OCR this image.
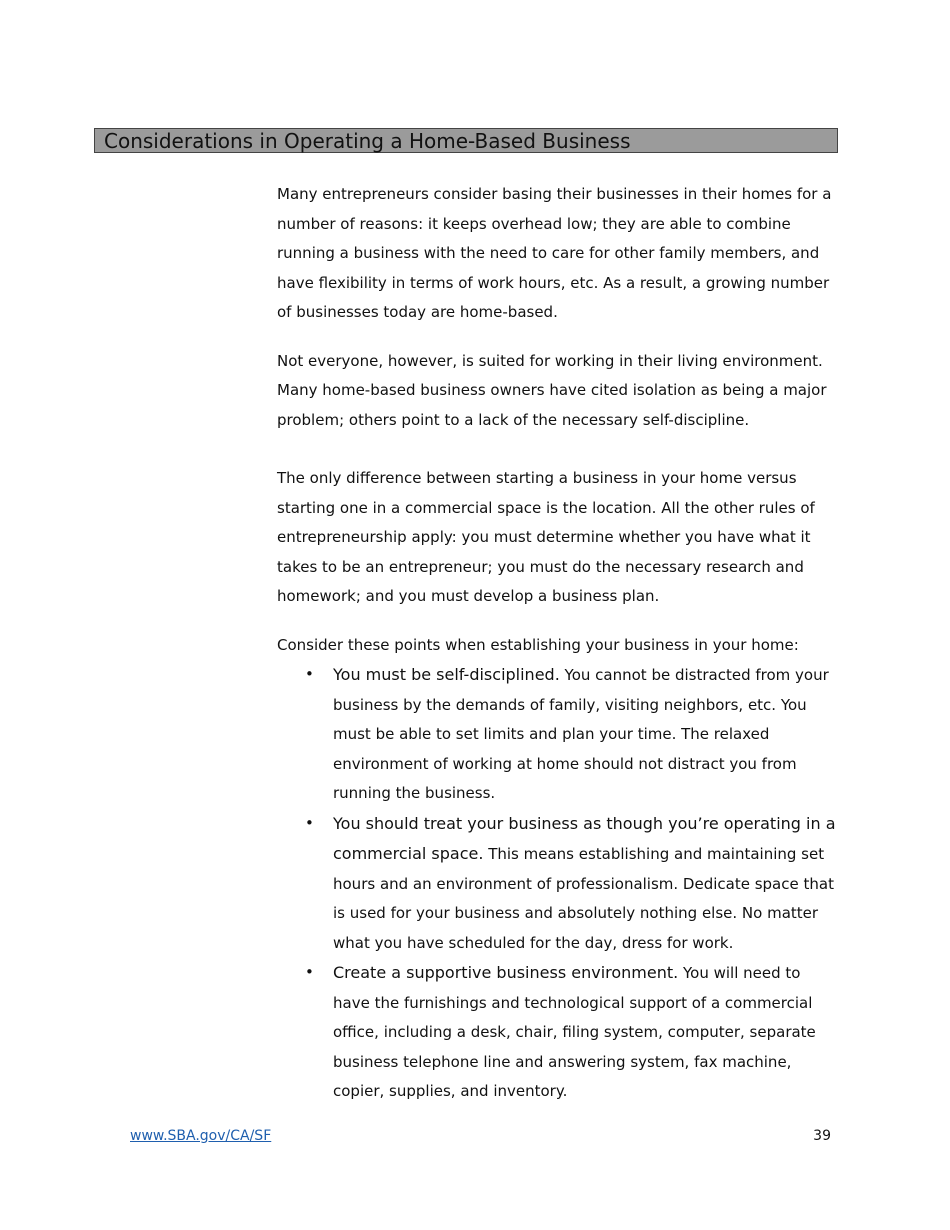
Considerations in Operating a Home-Based Business

Many entrepreneurs consider basing their businesses in their homes for a number of reasons: it keeps overhead low; they are able to combine running a business with the need to care for other family members, and have flexibility in terms of work hours, etc. As a result, a growing number of businesses today are home-based.

Not everyone, however, is suited for working in their living environment. Many home-based business owners have cited isolation as being a major problem; others point to a lack of the necessary self-discipline.

The only difference between starting a business in your home versus starting one in a commercial space is the location. All the other rules of entrepreneurship apply: you must determine whether you have what it takes to be an entrepreneur; you must do the necessary research and homework; and you must develop a business plan.

Consider these points when establishing your business in your home:

• You must be self-disciplined. You cannot be distracted from your business by the demands of family, visiting neighbors, etc. You must be able to set limits and plan your time. The relaxed environment of working at home should not distract you from running the business.
• You should treat your business as though you’re operating in a commercial space. This means establishing and maintaining set hours and an environment of professionalism. Dedicate space that is used for your business and absolutely nothing else. No matter what you have scheduled for the day, dress for work.
• Create a supportive business environment. You will need to have the furnishings and technological support of a commercial office, including a desk, chair, filing system, computer, separate business telephone line and answering system, fax machine, copier, supplies, and inventory.
www.SBA.gov/CA/SF	39
